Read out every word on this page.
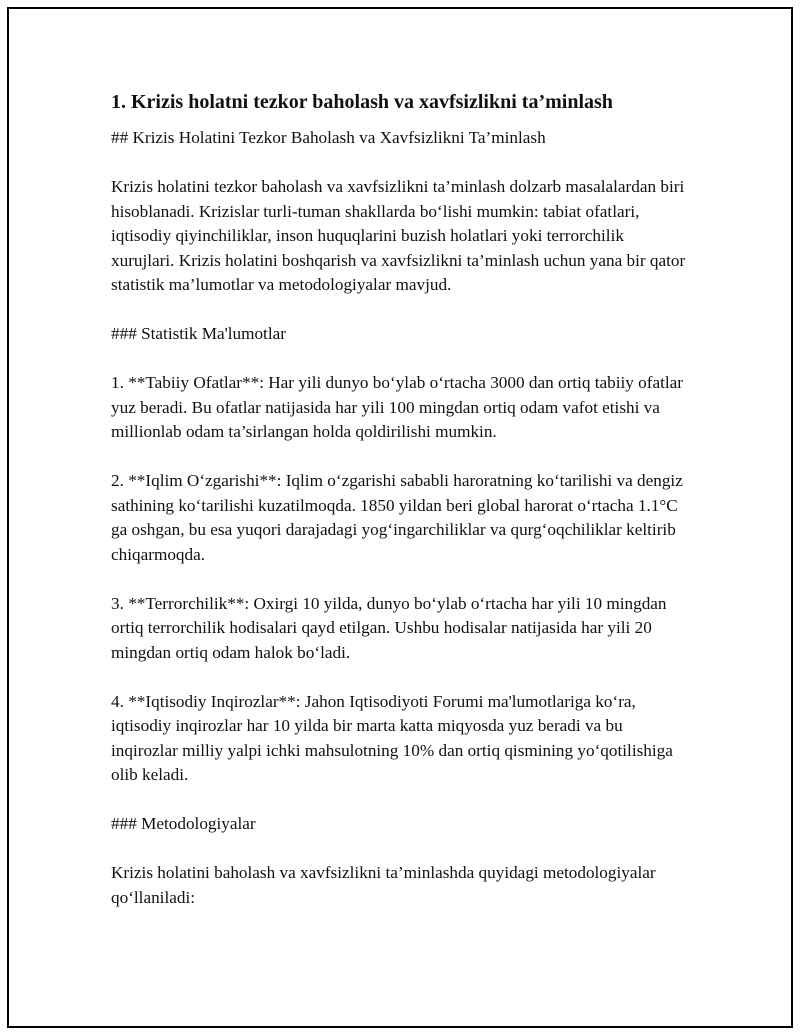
1. Krizis holatni tezkor baholash va xavfsizlikni ta’minlash
## Krizis Holatini Tezkor Baholash va Xavfsizlikni Ta’minlash
Krizis holatini tezkor baholash va xavfsizlikni ta’minlash dolzarb masalalardan biri hisoblanadi. Krizislar turli-tuman shakllarda bo‘lishi mumkin: tabiat ofatlari, iqtisodiy qiyinchiliklar, inson huquqlarini buzish holatlari yoki terrorchilik xurujlari. Krizis holatini boshqarish va xavfsizlikni ta’minlash uchun yana bir qator statistik ma’lumotlar va metodologiyalar mavjud.
### Statistik Ma'lumotlar
1. **Tabiiy Ofatlar**: Har yili dunyo bo‘ylab o‘rtacha 3000 dan ortiq tabiiy ofatlar yuz beradi. Bu ofatlar natijasida har yili 100 mingdan ortiq odam vafot etishi va millionlab odam ta’sirlangan holda qoldirilishi mumkin.
2. **Iqlim O‘zgarishi**: Iqlim o‘zgarishi sababli haroratning ko‘tarilishi va dengiz sathining ko‘tarilishi kuzatilmoqda. 1850 yildan beri global harorat o‘rtacha 1.1°C ga oshgan, bu esa yuqori darajadagi yog‘ingarchiliklar va qurg‘oqchiliklar keltirib chiqarmoqda.
3. **Terrorchilik**: Oxirgi 10 yilda, dunyo bo‘ylab o‘rtacha har yili 10 mingdan ortiq terrorchilik hodisalari qayd etilgan. Ushbu hodisalar natijasida har yili 20 mingdan ortiq odam halok bo‘ladi.
4. **Iqtisodiy Inqirozlar**: Jahon Iqtisodiyoti Forumi ma'lumotlariga ko‘ra, iqtisodiy inqirozlar har 10 yilda bir marta katta miqyosda yuz beradi va bu inqirozlar milliy yalpi ichki mahsulotning 10% dan ortiq qismining yo‘qotilishiga olib keladi.
### Metodologiyalar
Krizis holatini baholash va xavfsizlikni ta’minlashda quyidagi metodologiyalar qo‘llaniladi:
